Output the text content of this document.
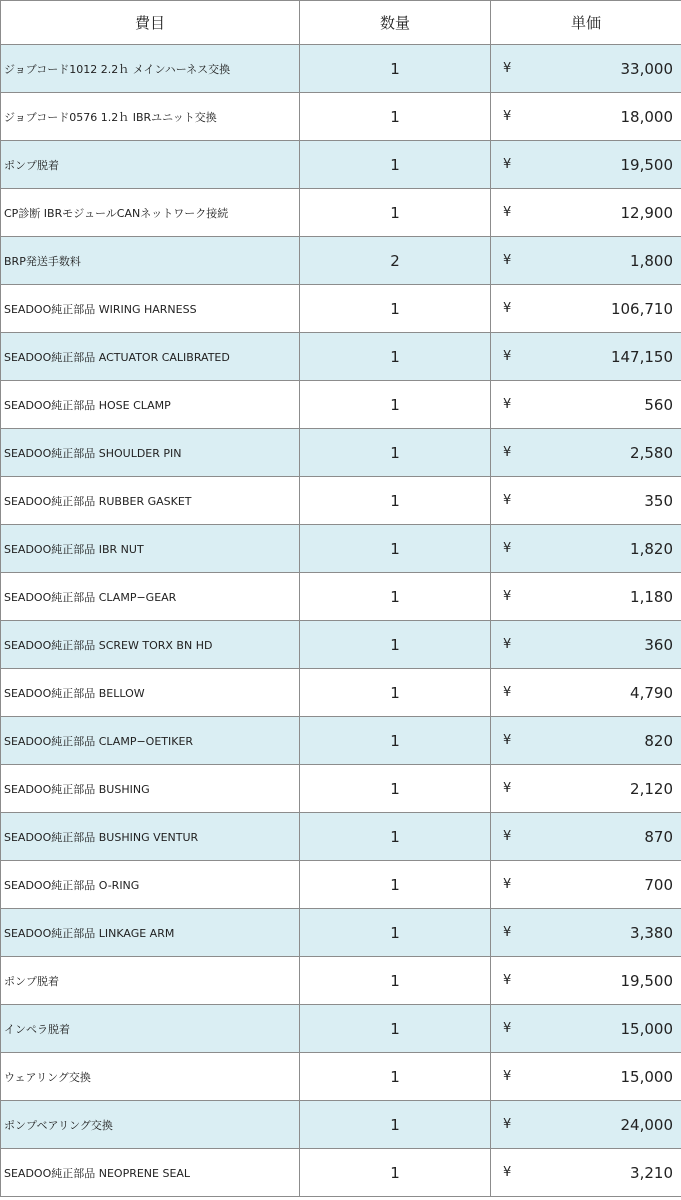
費目	数量	単価
ジョブコード1012 2.2ｈ メインハーネス交換	1	¥ 33,000

ジョブコード0576 1.2ｈ IBRユニット交換	1	¥ 18,000

ポンプ脱着	1	¥ 19,500

CP診断 IBRモジュールCANネットワーク接続	1	¥ 12,900

BRP発送手数料	2	¥ 1,800

SEADOO純正部品 WIRING HARNESS	1	¥ 106,710

SEADOO純正部品 ACTUATOR CALIBRATED	1	¥ 147,150

SEADOO純正部品 HOSE CLAMP	1	¥ 560

SEADOO純正部品 SHOULDER PIN	1	¥ 2,580

SEADOO純正部品 RUBBER GASKET	1	¥ 350

SEADOO純正部品 IBR NUT	1	¥ 1,820

SEADOO純正部品 CLAMP−GEAR	1	¥ 1,180

SEADOO純正部品 SCREW TORX BN HD	1	¥ 360

SEADOO純正部品 BELLOW	1	¥ 4,790

SEADOO純正部品 CLAMP−OETIKER	1	¥ 820

SEADOO純正部品 BUSHING	1	¥ 2,120

SEADOO純正部品 BUSHING VENTUR	1	¥ 870

SEADOO純正部品 O-RING	1	¥ 700

SEADOO純正部品 LINKAGE ARM	1	¥ 3,380

ポンプ脱着	1	¥ 19,500

インペラ脱着	1	¥ 15,000

ウェアリング交換	1	¥ 15,000

ポンプベアリング交換	1	¥ 24,000

SEADOO純正部品 NEOPRENE SEAL	1	¥ 3,210
